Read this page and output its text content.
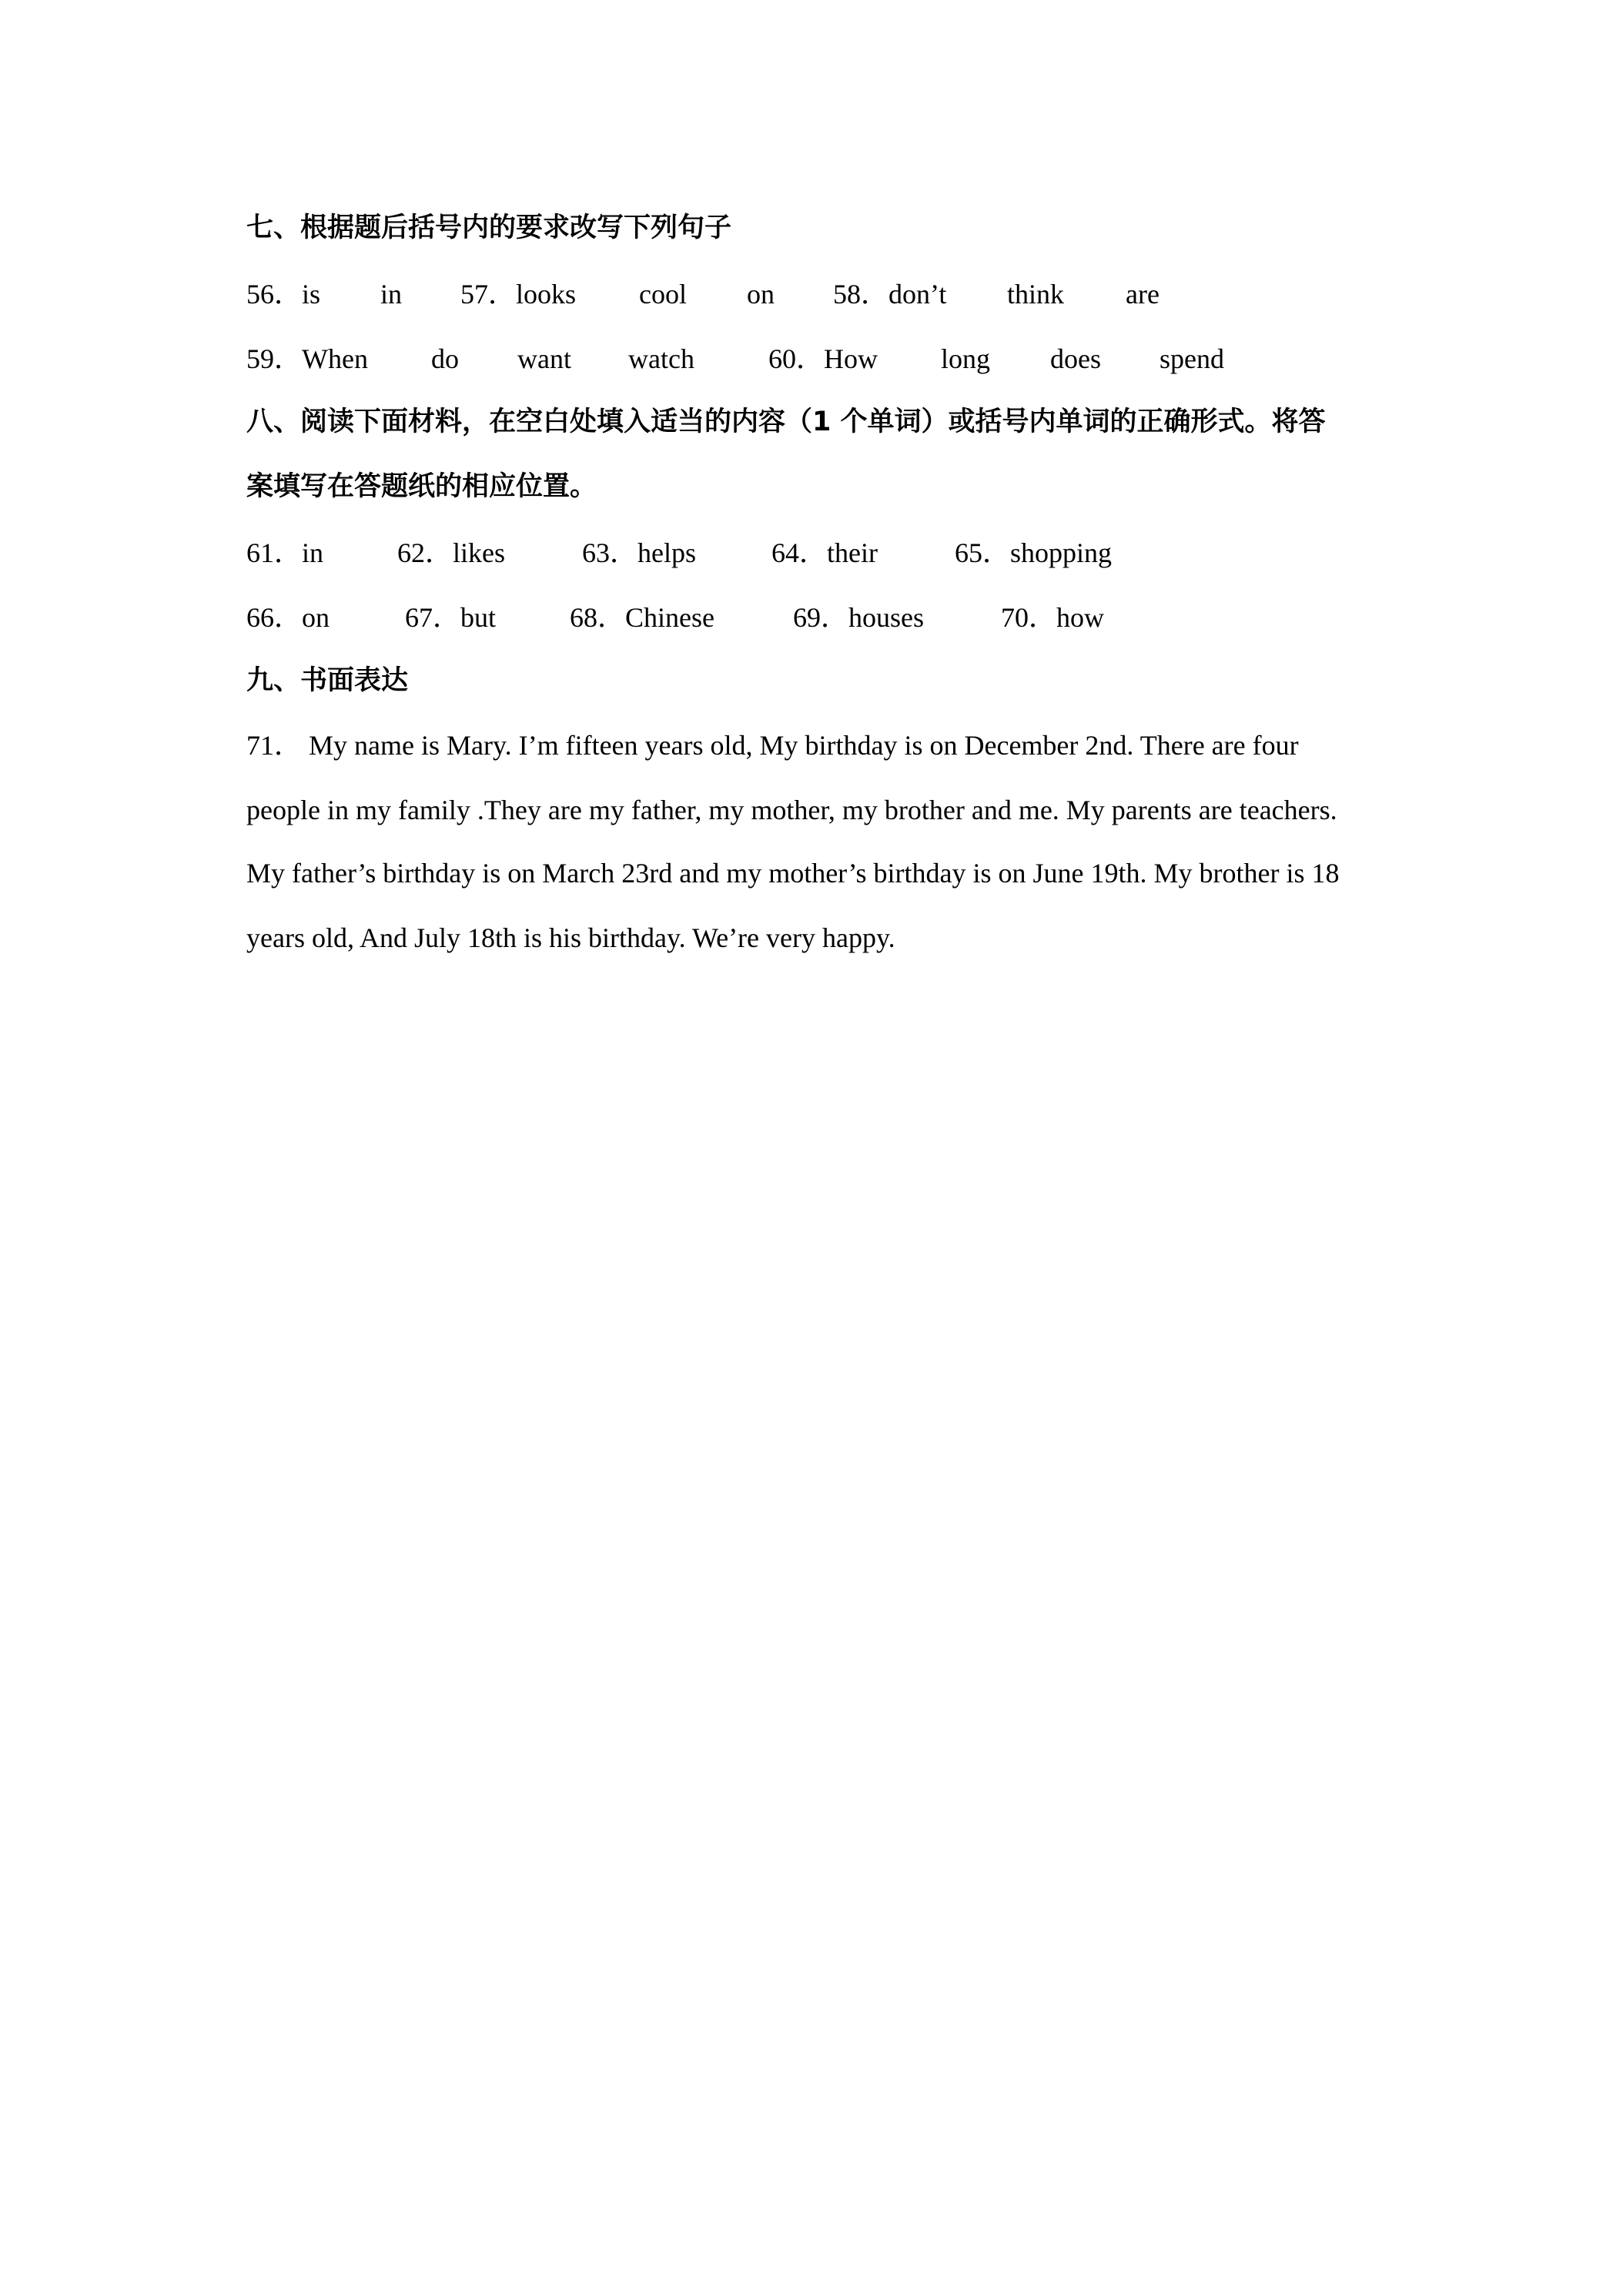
七、根据题后括号内的要求改写下列句子
56．is in 57．looks cool on 58．don’t think are
59．When do want watch	60．How long does spend
八、阅读下面材料，在空白处填入适当的内容（1 个单词）或括号内单词的正确形式。将答
案填写在答题纸的相应位置。
61．in	62．likes	63．helps	64．their	65．shopping
66．on	67．but	68．Chinese	69．houses	70．how
九、书面表达
71． My name is Mary. I’m fifteen years old, My birthday is on December 2nd. There are four
people in my family .They are my father, my mother, my brother and me. My parents are teachers.
My father’s birthday is on March 23rd and my mother’s birthday is on June 19th. My brother is 18
years old, And July 18th is his birthday. We’re very happy.
